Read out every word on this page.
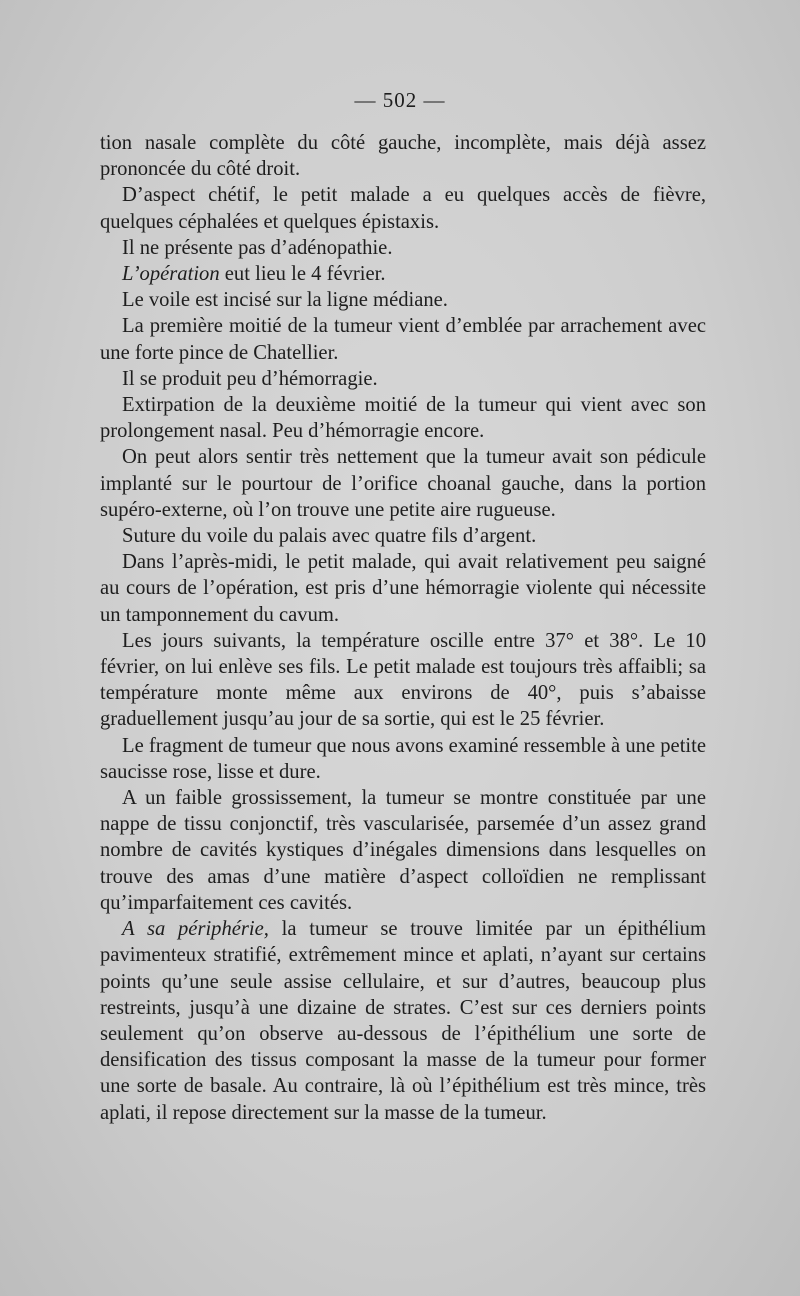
— 502 —

tion nasale complète du côté gauche, incomplète, mais déjà assez prononcée du côté droit.

D’aspect chétif, le petit malade a eu quelques accès de fièvre, quelques céphalées et quelques épistaxis.

Il ne présente pas d’adénopathie.

L’opération eut lieu le 4 février.

Le voile est incisé sur la ligne médiane.

La première moitié de la tumeur vient d’emblée par arrachement avec une forte pince de Chatellier.

Il se produit peu d’hémorragie.

Extirpation de la deuxième moitié de la tumeur qui vient avec son prolongement nasal. Peu d’hémorragie encore.

On peut alors sentir très nettement que la tumeur avait son pédicule implanté sur le pourtour de l’orifice choanal gauche, dans la portion supéro-externe, où l’on trouve une petite aire rugueuse.

Suture du voile du palais avec quatre fils d’argent.

Dans l’après-midi, le petit malade, qui avait relativement peu saigné au cours de l’opération, est pris d’une hémorragie violente qui nécessite un tamponnement du cavum.

Les jours suivants, la température oscille entre 37° et 38°. Le 10 février, on lui enlève ses fils. Le petit malade est toujours très affaibli; sa température monte même aux environs de 40°, puis s’abaisse graduellement jusqu’au jour de sa sortie, qui est le 25 février.

Le fragment de tumeur que nous avons examiné ressemble à une petite saucisse rose, lisse et dure.

A un faible grossissement, la tumeur se montre constituée par une nappe de tissu conjonctif, très vascularisée, parsemée d’un assez grand nombre de cavités kystiques d’inégales dimensions dans lesquelles on trouve des amas d’une matière d’aspect colloïdien ne remplissant qu’imparfaitement ces cavités.

A sa périphérie, la tumeur se trouve limitée par un épithélium pavimenteux stratifié, extrêmement mince et aplati, n’ayant sur certains points qu’une seule assise cellulaire, et sur d’autres, beaucoup plus restreints, jusqu’à une dizaine de strates. C’est sur ces derniers points seulement qu’on observe au-dessous de l’épithélium une sorte de densification des tissus composant la masse de la tumeur pour former une sorte de basale. Au contraire, là où l’épithélium est très mince, très aplati, il repose directement sur la masse de la tumeur.
